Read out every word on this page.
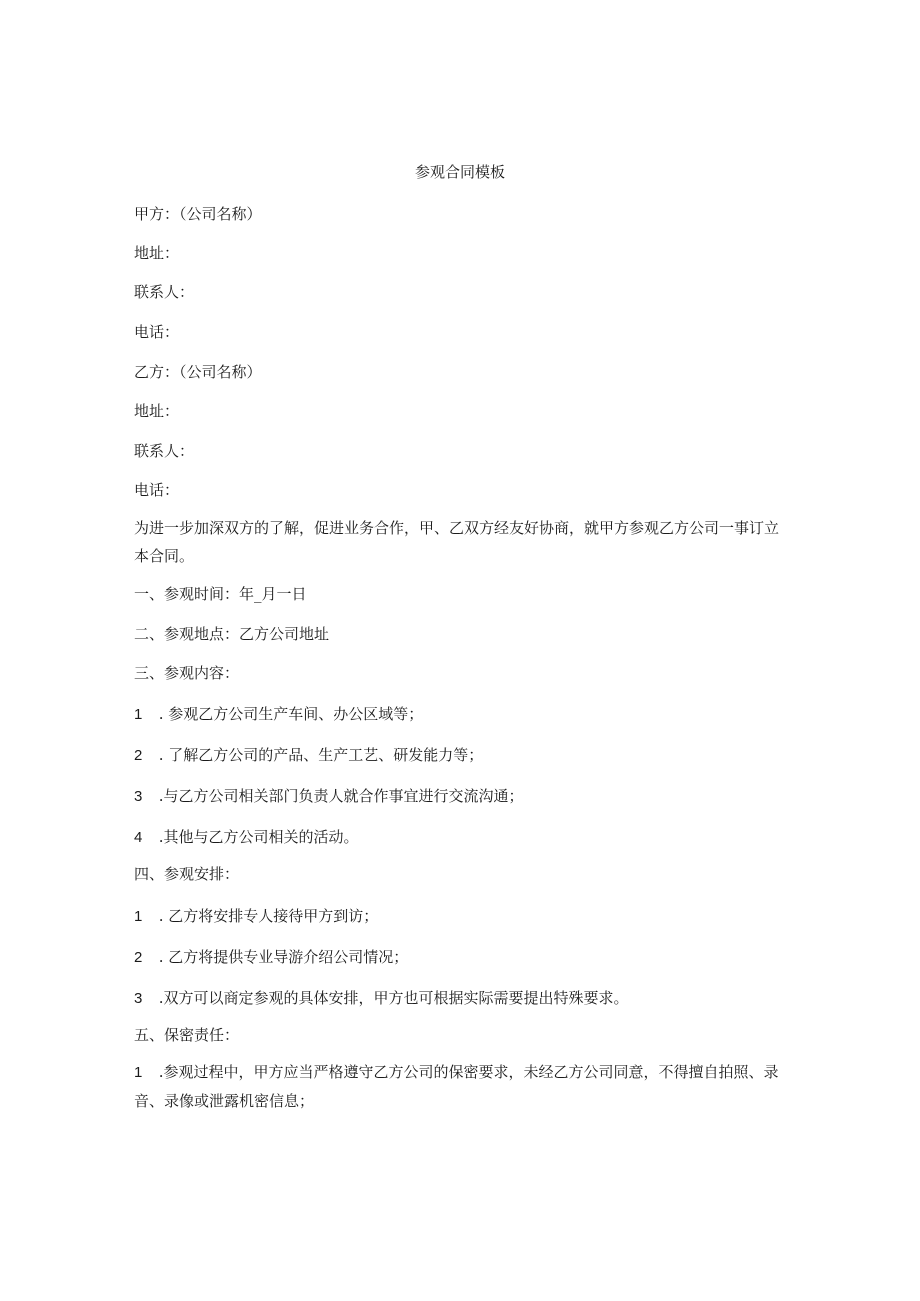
参观合同模板
甲方：（公司名称）
地址：
联系人：
电话：
乙方：（公司名称）
地址：
联系人：
电话：
为进一步加深双方的了解，促进业务合作，甲、乙双方经友好协商，就甲方参观乙方公司一事订立本合同。
一、参观时间：年_月一日
二、参观地点：乙方公司地址
三、参观内容：
1 . 参观乙方公司生产车间、办公区域等；
2 . 了解乙方公司的产品、生产工艺、研发能力等；
3 .与乙方公司相关部门负责人就合作事宜进行交流沟通；
4 .其他与乙方公司相关的活动。
四、参观安排：
1 . 乙方将安排专人接待甲方到访；
2 . 乙方将提供专业导游介绍公司情况；
3 .双方可以商定参观的具体安排，甲方也可根据实际需要提出特殊要求。
五、保密责任：
1 .参观过程中，甲方应当严格遵守乙方公司的保密要求，未经乙方公司同意，不得擅自拍照、录音、录像或泄露机密信息；
